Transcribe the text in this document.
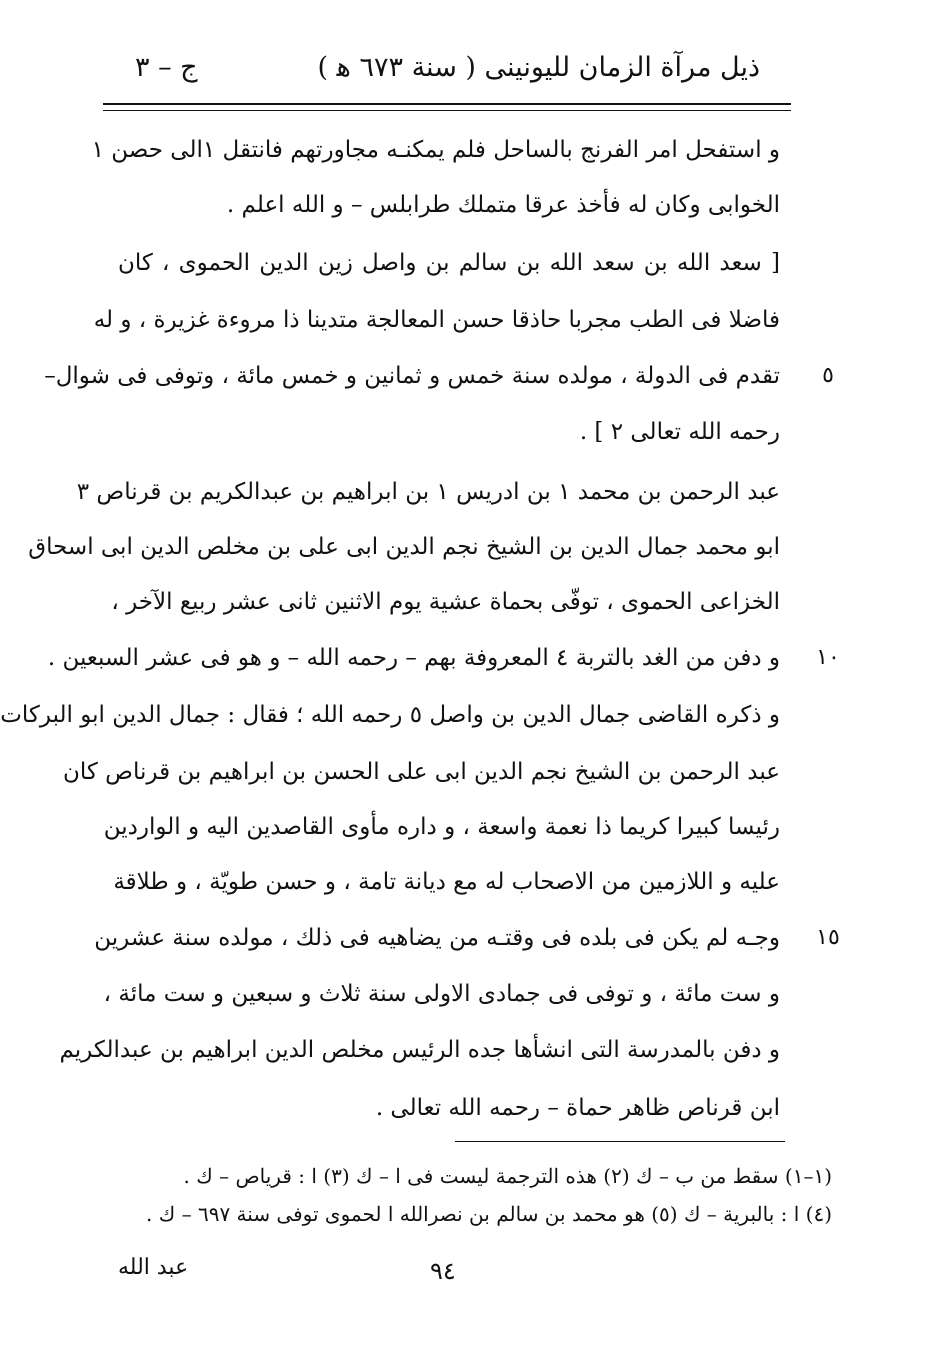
ذيل مرآة الزمان لليونينى ( سنة ٦٧٣ ﻫ )
ج – ٣
و استفحل امر الفرنج بالساحل فلم يمكنـه مجاورتهم فانتقل ١الى حصن ١
الخوابى وكان له فأخذ عرقا متملك طرابلس – و الله اعلم .
[ سعد الله بن سعد الله بن سالم بن واصل زين الدين الحموى ، كان
فاضلا فى الطب مجربا حاذقا حسن المعالجة متدينا ذا مروءة غزيرة ، و له
تقدم فى الدولة ، مولده سنة خمس و ثمانين و خمس مائة ، وتوفى فى شوال–
رحمه الله تعالى ٢ ] .
عبد الرحمن بن محمد ١ بن ادريس ١ بن ابراهيم بن عبدالكريم بن قرناص ٣
ابو محمد جمال الدين بن الشيخ نجم الدين ابى على بن مخلص الدين ابى اسحاق
الخزاعى الحموى ، توفّى بحماة عشية يوم الاثنين ثانى عشر ربيع الآخر ،
و دفن من الغد بالتربة ٤ المعروفة بهم – رحمه الله – و هو فى عشر السبعين .
و ذكره القاضى جمال الدين بن واصل ٥ رحمه الله ؛ فقال : جمال الدين ابو البركات
عبد الرحمن بن الشيخ نجم الدين ابى على الحسن بن ابراهيم بن قرناص كان
رئيسا كبيرا كريما ذا نعمة واسعة ، و داره مأوى القاصدين اليه و الواردين
عليه و اللازمين من الاصحاب له مع ديانة تامة ، و حسن طويّة ، و طلاقة
وجـه لم يكن فى بلده فى وقتـه من يضاهيه فى ذلك ، مولده سنة عشرين
و ست مائة ، و توفى فى جمادى الاولى سنة ثلاث و سبعين و ست مائة ،
و دفن بالمدرسة التى انشأها جده الرئيس مخلص الدين ابراهيم بن عبدالكريم
ابن قرناص ظاهر حماة – رحمه الله تعالى .
٥
١٠
١٥
(١–١) سقط من ب – ك (٢) هذه الترجمة ليست فى ا – ك (٣) ا : قرياص – ك .
(٤) ا : بالبرية – ك (٥) هو محمد بن سالم بن نصرالله ا لحموى توفى سنة ٦٩٧ – ك .
عبد الله	٩٤
